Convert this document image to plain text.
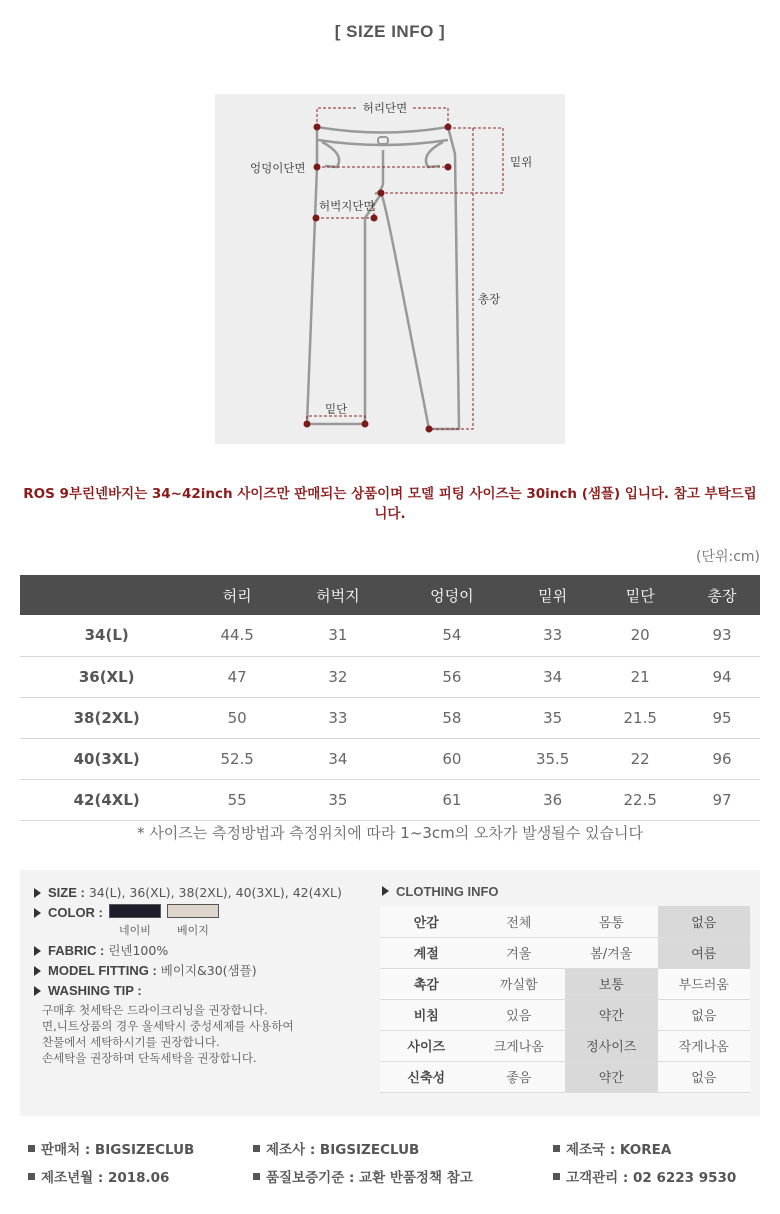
[ SIZE INFO ]
허리단면
밑위
엉덩이단면
허벅지단면
총장
밑단
ROS 9부린넨바지는 34~42inch 사이즈만 판매되는 상품이며 모델 피팅 사이즈는 30inch (샘플) 입니다. 참고 부탁드립니다.
(단위:cm)
	허리	허벅지	엉덩이	밑위	밑단	총장
34(L)	44.5	31	54	33	20	93
36(XL)	47	32	56	34	21	94
38(2XL)	50	33	58	35	21.5	95
40(3XL)	52.5	34	60	35.5	22	96
42(4XL)	55	35	61	36	22.5	97
* 사이즈는 측정방법과 측정위치에 따라 1~3cm의 오차가 발생될수 있습니다
SIZE : 34(L), 36(XL), 38(2XL), 40(3XL), 42(4XL)
COLOR :
네이비 베이지
FABRIC : 린넨100%
MODEL FITTING : 베이지&30(샘플)
WASHING TIP :
구매후 첫세탁은 드라이크리닝을 권장합니다.
면,니트상품의 경우 울세탁시 중성세제를 사용하여
찬물에서 세탁하시기를 권장합니다.
손세탁을 권장하며 단독세탁을 권장합니다.
CLOTHING INFO
안감	전체	몸통	없음
계절	겨울	봄/겨울	여름
촉감	까실함	보통	부드러움
비침	있음	약간	없음
사이즈	크게나옴	정사이즈	작게나옴
신축성	좋음	약간	없음
판매처 : BIGSIZECLUB	제조사 : BIGSIZECLUB	제조국 : KOREA
제조년월 : 2018.06	품질보증기준 : 교환 반품정책 참고	고객관리 : 02 6223 9530
